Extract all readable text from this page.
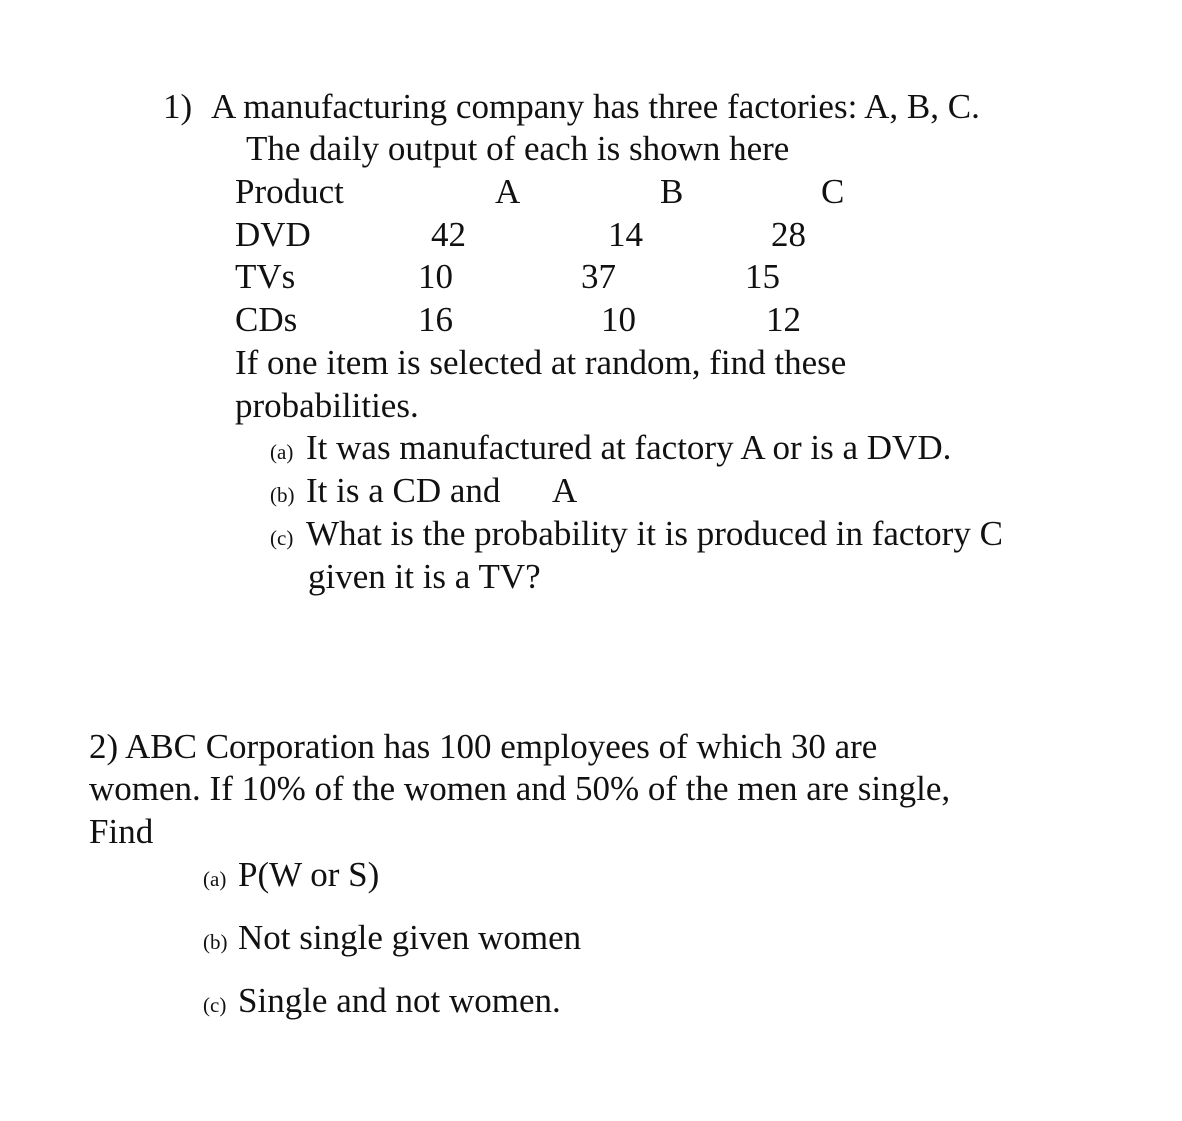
1) A manufacturing company has three factories: A, B, C.
The daily output of each is shown here
Product	A	B	C
DVD	42	14	28
TVs	10	37	15
CDs	16	10	12
If one item is selected at random, find these
probabilities.
(a) It was manufactured at factory A or is a DVD.
(b) It is a CD and A
(c) What is the probability it is produced in factory C
given it is a TV?
2) ABC Corporation has 100 employees of which 30 are
women. If 10% of the women and 50% of the men are single,
Find
(a) P(W or S)
(b) Not single given women
(c) Single and not women.
